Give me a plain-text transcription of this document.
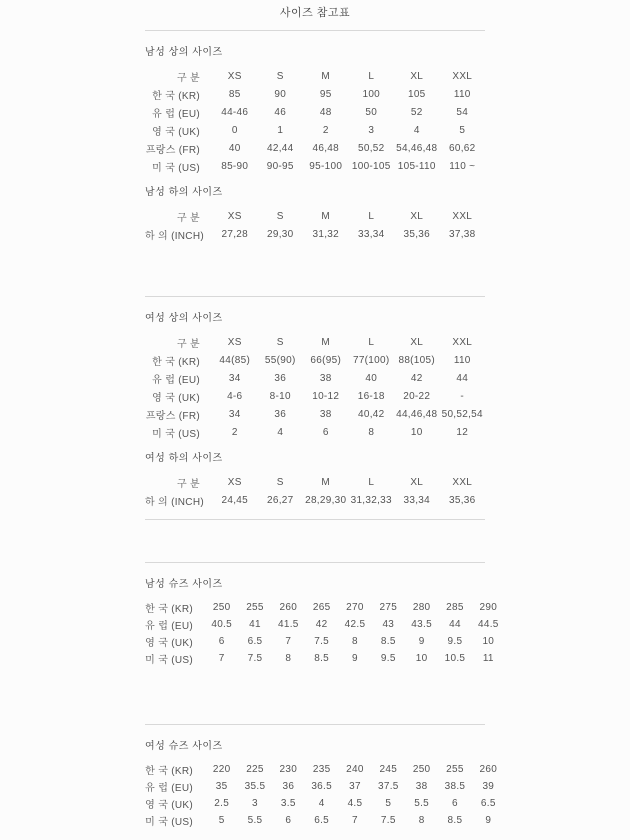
사이즈 참고표
남성 상의 사이즈
구 분	XS	S	M	L	XL	XXL
한 국 (KR)	85	90	95	100	105	110
유 럽 (EU)	44-46	46	48	50	52	54
영 국 (UK)	0	1	2	3	4	5
프랑스 (FR)	40	42,44	46,48	50,52	54,46,48	60,62
미 국 (US)	85-90	90-95	95-100	100-105	105-110	110 ~
남성 하의 사이즈
구 분	XS	S	M	L	XL	XXL
하 의 (INCH)	27,28	29,30	31,32	33,34	35,36	37,38
여성 상의 사이즈
구 분	XS	S	M	L	XL	XXL
한 국 (KR)	44(85)	55(90)	66(95)	77(100)	88(105)	110
유 럽 (EU)	34	36	38	40	42	44
영 국 (UK)	4-6	8-10	10-12	16-18	20-22	-
프랑스 (FR)	34	36	38	40,42	44,46,48	50,52,54
미 국 (US)	2	4	6	8	10	12
여성 하의 사이즈
구 분	XS	S	M	L	XL	XXL
하 의 (INCH)	24,45	26,27	28,29,30	31,32,33	33,34	35,36
남성 슈즈 사이즈
한 국 (KR)	250	255	260	265	270	275	280	285	290
유 럽 (EU)	40.5	41	41.5	42	42.5	43	43.5	44	44.5
영 국 (UK)	6	6.5	7	7.5	8	8.5	9	9.5	10
미 국 (US)	7	7.5	8	8.5	9	9.5	10	10.5	11
여성 슈즈 사이즈
한 국 (KR)	220	225	230	235	240	245	250	255	260
유 럽 (EU)	35	35.5	36	36.5	37	37.5	38	38.5	39
영 국 (UK)	2.5	3	3.5	4	4.5	5	5.5	6	6.5
미 국 (US)	5	5.5	6	6.5	7	7.5	8	8.5	9
